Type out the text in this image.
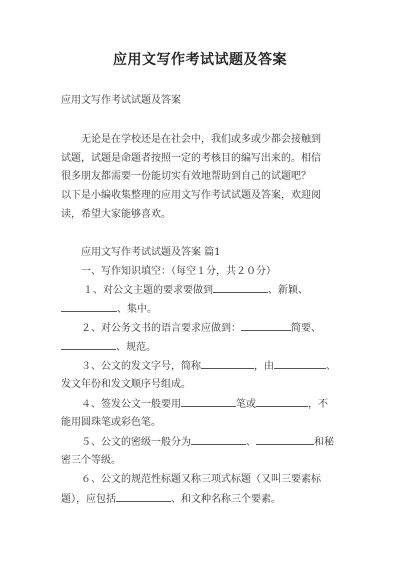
应用文写作考试试题及答案

应用文写作考试试题及答案

无论是在学校还是在社会中，我们或多或少都会接触到

试题，试题是命题者按照一定的考核目的编写出来的。相信

很多朋友都需要一份能切实有效地帮助到自己的试题吧？

以下是小编收集整理的应用文写作考试试题及答案，欢迎阅

读，希望大家能够喜欢。

应用文写作考试试题及答案 篇1

一、写作知识填空：（每空１分，共２０分）

１、对公文主题的要求要做到	、新颖、

、集中。

２、对公务文书的语言要求应做到：	简要、

、规范。

３、公文的发文字号，简称	，由	、

发文年份和发文顺序号组成。

４、签发公文一般要用	笔或	，不

能用圆珠笔或彩色笔。

５、公文的密级一般分为	、	和秘

密三个等级。

６、公文的规范性标题又称三项式标题（又叫三要素标

题），应包括	、和文种名称三个要素。
